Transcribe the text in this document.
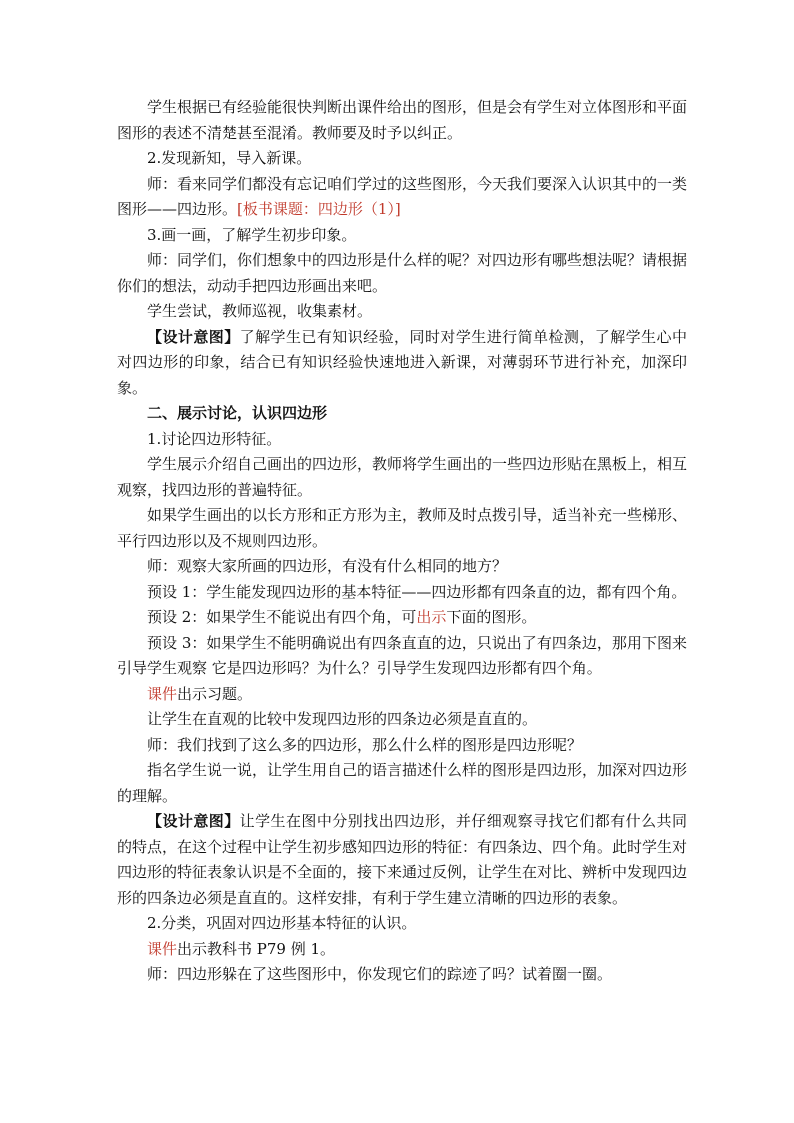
学生根据已有经验能很快判断出课件给出的图形，但是会有学生对立体图形和平面图形的表述不清楚甚至混淆。教师要及时予以纠正。

2.发现新知，导入新课。

师：看来同学们都没有忘记咱们学过的这些图形，今天我们要深入认识其中的一类图形——四边形。[板书课题：四边形（1）]

3.画一画，了解学生初步印象。

师：同学们，你们想象中的四边形是什么样的呢？对四边形有哪些想法呢？请根据你们的想法，动动手把四边形画出来吧。

学生尝试，教师巡视，收集素材。

【设计意图】了解学生已有知识经验，同时对学生进行简单检测，了解学生心中对四边形的印象，结合已有知识经验快速地进入新课，对薄弱环节进行补充，加深印象。

二、展示讨论，认识四边形

1.讨论四边形特征。

学生展示介绍自己画出的四边形，教师将学生画出的一些四边形贴在黑板上，相互观察，找四边形的普遍特征。

如果学生画出的以长方形和正方形为主，教师及时点拨引导，适当补充一些梯形、平行四边形以及不规则四边形。

师：观察大家所画的四边形，有没有什么相同的地方？

预设 1：学生能发现四边形的基本特征——四边形都有四条直的边，都有四个角。

预设 2：如果学生不能说出有四个角，可出示下面的图形。

预设 3：如果学生不能明确说出有四条直直的边，只说出了有四条边，那用下图来引导学生观察 它是四边形吗？为什么？引导学生发现四边形都有四个角。

课件出示习题。

让学生在直观的比较中发现四边形的四条边必须是直直的。

师：我们找到了这么多的四边形，那么什么样的图形是四边形呢？

指名学生说一说，让学生用自己的语言描述什么样的图形是四边形，加深对四边形的理解。

【设计意图】让学生在图中分别找出四边形，并仔细观察寻找它们都有什么共同的特点，在这个过程中让学生初步感知四边形的特征：有四条边、四个角。此时学生对四边形的特征表象认识是不全面的，接下来通过反例，让学生在对比、辨析中发现四边形的四条边必须是直直的。这样安排，有利于学生建立清晰的四边形的表象。

2.分类，巩固对四边形基本特征的认识。

课件出示教科书 P79 例 1。

师：四边形躲在了这些图形中，你发现它们的踪迹了吗？试着圈一圈。
